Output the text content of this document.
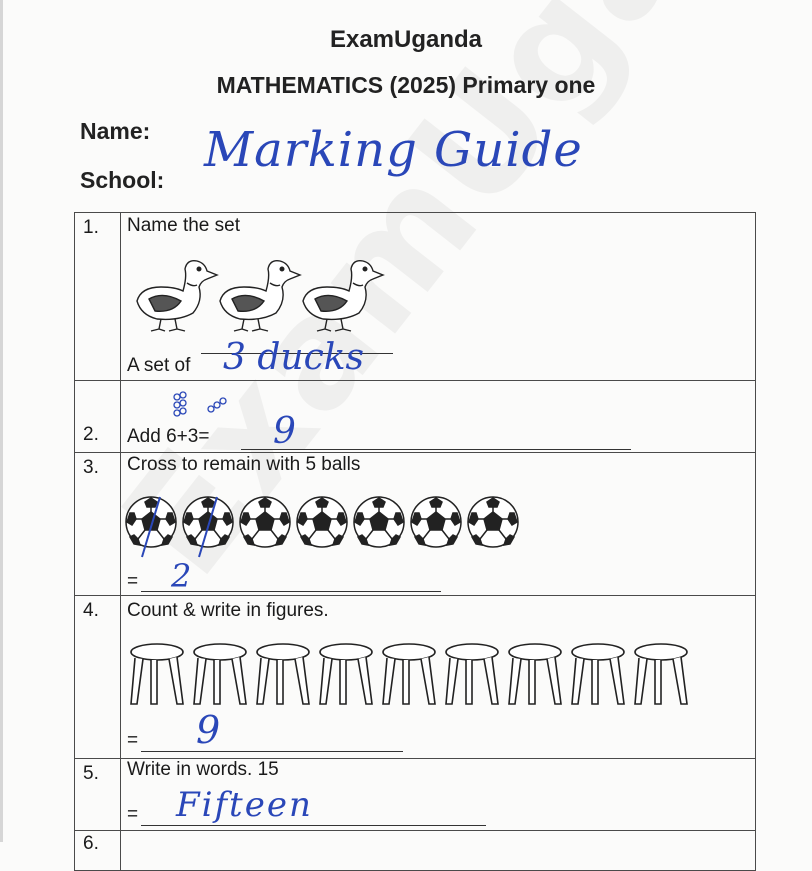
ExamUganda
MATHEMATICS (2025) Primary one
Name:
School:
Marking Guide
1.	Name the set
A set of 3 ducks

2.	Add 6+3= 9

3.	Cross to remain with 5 balls
= 2

4.	Count & write in figures.
= 9

5.	Write in words. 15
= Fifteen

6.	
